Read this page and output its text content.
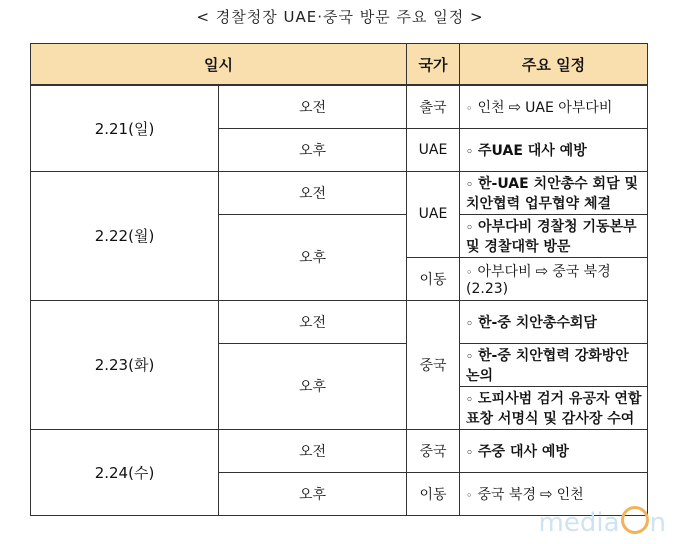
< 경찰청장 UAE·중국 방문 주요 일정 >
일시		국가	주요 일정
2.21(일)	오전	출국	◦ 인천 ⇨ UAE 아부다비
	오후	UAE	◦ 주UAE 대사 예방
2.22(월)	오전	UAE	◦ 한-UAE 치안총수 회담 및 치안협력 업무협약 체결
	오후		◦ 아부다비 경찰청 기동본부 및 경찰대학 방문
		이동	◦ 아부다비 ⇨ 중국 북경(2.23)
2.23(화)	오전	중국	◦ 한-중 치안총수회담
	오후		◦ 한-중 치안협력 강화방안 논의
			◦ 도피사범 검거 유공자 연합표창 서명식 및 감사장 수여
2.24(수)	오전	중국	◦ 주중 대사 예방
	오후	이동	◦ 중국 북경 ⇨ 인천
media n
